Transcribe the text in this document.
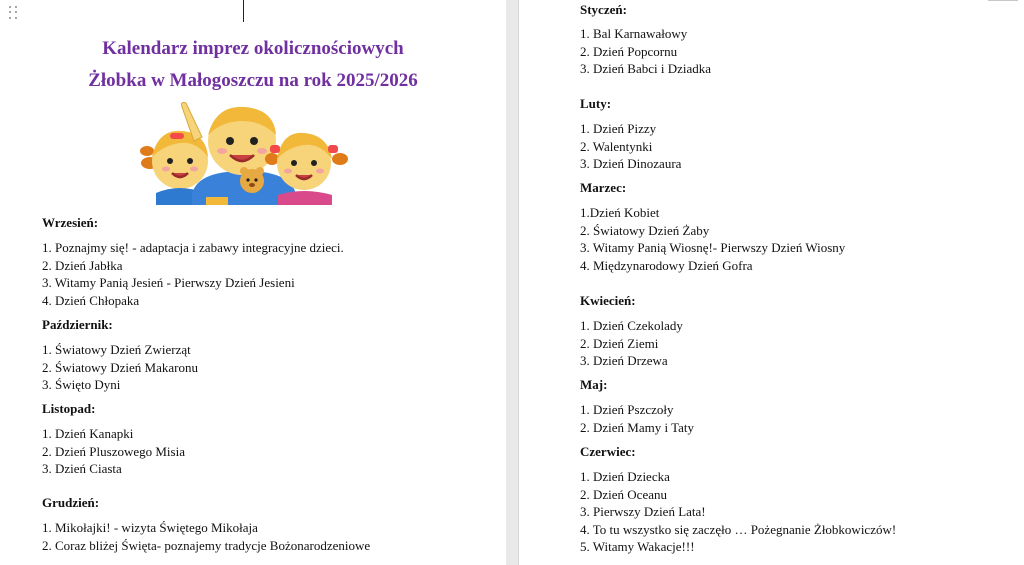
Kalendarz imprez okolicznościowych
Żłobka w Małogoszczu na rok 2025/2026
Wrzesień:
1. Poznajmy się! - adaptacja i zabawy integracyjne dzieci.
2. Dzień Jabłka
3. Witamy Panią Jesień - Pierwszy Dzień Jesieni
4. Dzień Chłopaka
Październik:
1. Światowy Dzień Zwierząt
2. Światowy Dzień Makaronu
3. Święto Dyni
Listopad:
1. Dzień Kanapki
2. Dzień Pluszowego Misia
3. Dzień Ciasta
Grudzień:
1. Mikołajki! - wizyta Świętego Mikołaja
2. Coraz bliżej Święta- poznajemy tradycje Bożonarodzeniowe
Styczeń:
1. Bal Karnawałowy
2. Dzień Popcornu
3. Dzień Babci i Dziadka
Luty:
1. Dzień Pizzy
2. Walentynki
3. Dzień Dinozaura
Marzec:
1.Dzień Kobiet
2. Światowy Dzień Żaby
3. Witamy Panią Wiosnę!- Pierwszy Dzień Wiosny
4. Międzynarodowy Dzień Gofra
Kwiecień:
1. Dzień Czekolady
2. Dzień Ziemi
3. Dzień Drzewa
Maj:
1. Dzień Pszczoły
2. Dzień Mamy i Taty
Czerwiec:
1. Dzień Dziecka
2. Dzień Oceanu
3. Pierwszy Dzień Lata!
4. To tu wszystko się zaczęło … Pożegnanie Żłobkowiczów!
5. Witamy Wakacje!!!
